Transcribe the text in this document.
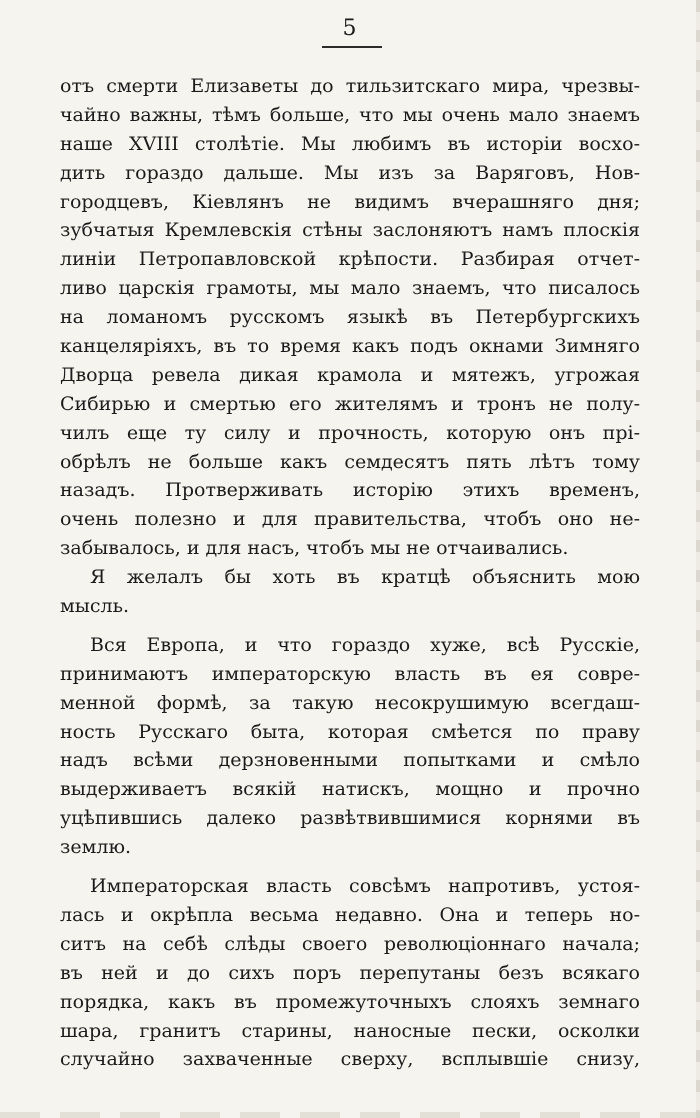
5
отъ смерти Елизаветы до тильзитскаго мира, чрезвы-
чайно важны, тѣмъ больше, что мы очень мало знаемъ
наше XVIII столѣтіе. Мы любимъ въ исторіи восхо-
дить гораздо дальше. Мы изъ за Варяговъ, Нов-
городцевъ, Кіевлянъ не видимъ вчерашняго дня;
зубчатыя Кремлевскія стѣны заслоняютъ намъ плоскія
линіи Петропавловской крѣпости. Разбирая отчет-
ливо царскія грамоты, мы мало знаемъ, что писалось
на ломаномъ русскомъ языкѣ въ Петербургскихъ
канцеляріяхъ, въ то время какъ подъ окнами Зимняго
Дворца ревела дикая крамола и мятежъ, угрожая
Сибирью и смертью его жителямъ и тронъ не полу-
чилъ еще ту силу и прочность, которую онъ прі-
обрѣлъ не больше какъ семдесятъ пять лѣтъ тому
назадъ. Протверживать исторію этихъ временъ,
очень полезно и для правительства, чтобъ оно не-
забывалось, и для насъ, чтобъ мы не отчаивались.
Я желалъ бы хоть въ кратцѣ объяснить мою
мысль.
Вся Европа, и что гораздо хуже, всѣ Русскіе,
принимаютъ императорскую власть въ ея совре-
менной формѣ, за такую несокрушимую всегдаш-
ность Русскаго быта, которая смѣется по праву
надъ всѣми дерзновенными попытками и смѣло
выдерживаетъ всякій натискъ, мощно и прочно
уцѣпившись далеко развѣтвившимися корнями въ
землю.
Императорская власть совсѣмъ напротивъ, устоя-
лась и окрѣпла весьма недавно. Она и теперь но-
ситъ на себѣ слѣды своего революціоннаго начала;
въ ней и до сихъ поръ перепутаны безъ всякаго
порядка, какъ въ промежуточныхъ слояхъ земнаго
шара, гранитъ старины, наносные пески, осколки
случайно захваченные сверху, всплывшіе снизу,
